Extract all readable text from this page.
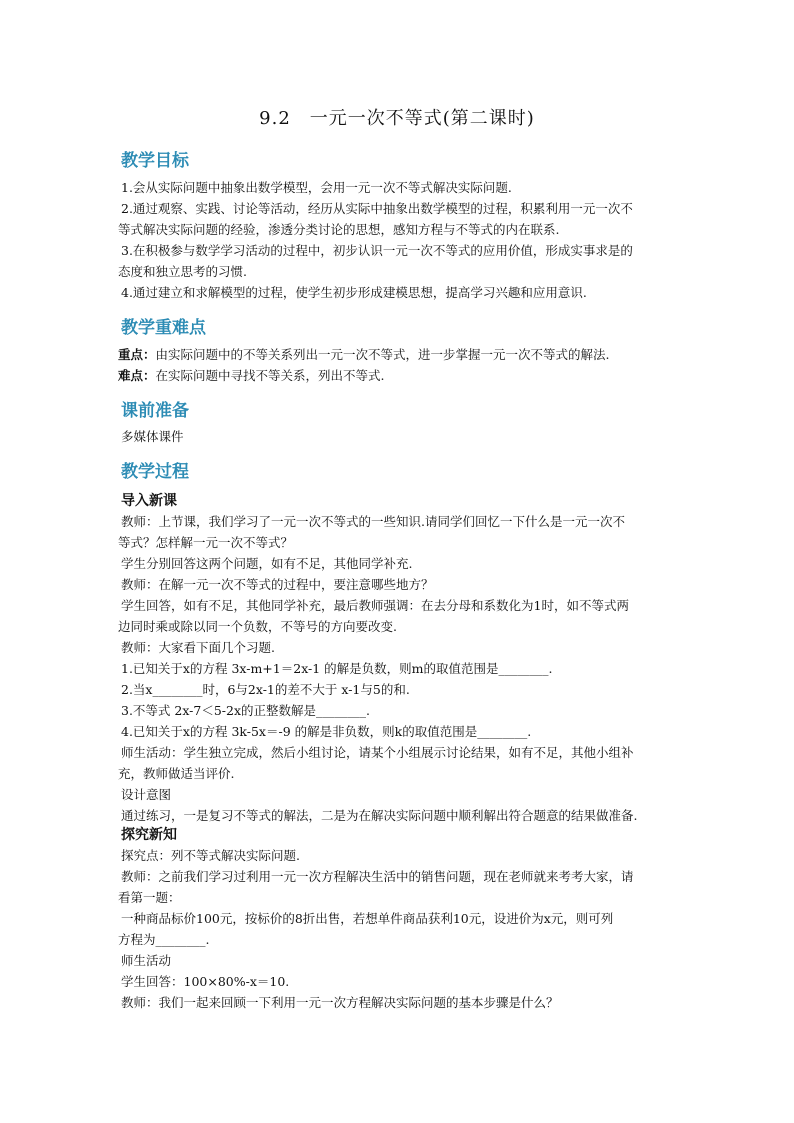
9.2　一元一次不等式(第二课时)
教学目标
1.会从实际问题中抽象出数学模型，会用一元一次不等式解决实际问题.
2.通过观察、实践、讨论等活动，经历从实际中抽象出数学模型的过程，积累利用一元一次不
等式解决实际问题的经验，渗透分类讨论的思想，感知方程与不等式的内在联系.
3.在积极参与数学学习活动的过程中，初步认识一元一次不等式的应用价值，形成实事求是的
态度和独立思考的习惯.
4.通过建立和求解模型的过程，使学生初步形成建模思想，提高学习兴趣和应用意识.
教学重难点
重点：由实际问题中的不等关系列出一元一次不等式，进一步掌握一元一次不等式的解法.
难点：在实际问题中寻找不等关系，列出不等式.
课前准备
多媒体课件
教学过程
导入新课
教师：上节课，我们学习了一元一次不等式的一些知识.请同学们回忆一下什么是一元一次不
等式？怎样解一元一次不等式？
学生分别回答这两个问题，如有不足，其他同学补充.
教师：在解一元一次不等式的过程中，要注意哪些地方？
学生回答，如有不足，其他同学补充，最后教师强调：在去分母和系数化为1时，如不等式两
边同时乘或除以同一个负数，不等号的方向要改变.
教师：大家看下面几个习题.
1.已知关于x的方程 3x-m+1＝2x-1 的解是负数，则m的取值范围是________.
2.当x________时，6与2x-1的差不大于 x-1与5的和.
3.不等式 2x-7＜5-2x的正整数解是________.
4.已知关于x的方程 3k-5x＝-9 的解是非负数，则k的取值范围是________.
师生活动：学生独立完成，然后小组讨论，请某个小组展示讨论结果，如有不足，其他小组补
充，教师做适当评价.
设计意图
通过练习，一是复习不等式的解法，二是为在解决实际问题中顺利解出符合题意的结果做准备.
探究新知
探究点：列不等式解决实际问题.
教师：之前我们学习过利用一元一次方程解决生活中的销售问题，现在老师就来考考大家，请
看第一题：
一种商品标价100元，按标价的8折出售，若想单件商品获利10元，设进价为x元，则可列
方程为________.
师生活动
学生回答：100×80%-x＝10.
教师：我们一起来回顾一下利用一元一次方程解决实际问题的基本步骤是什么？
